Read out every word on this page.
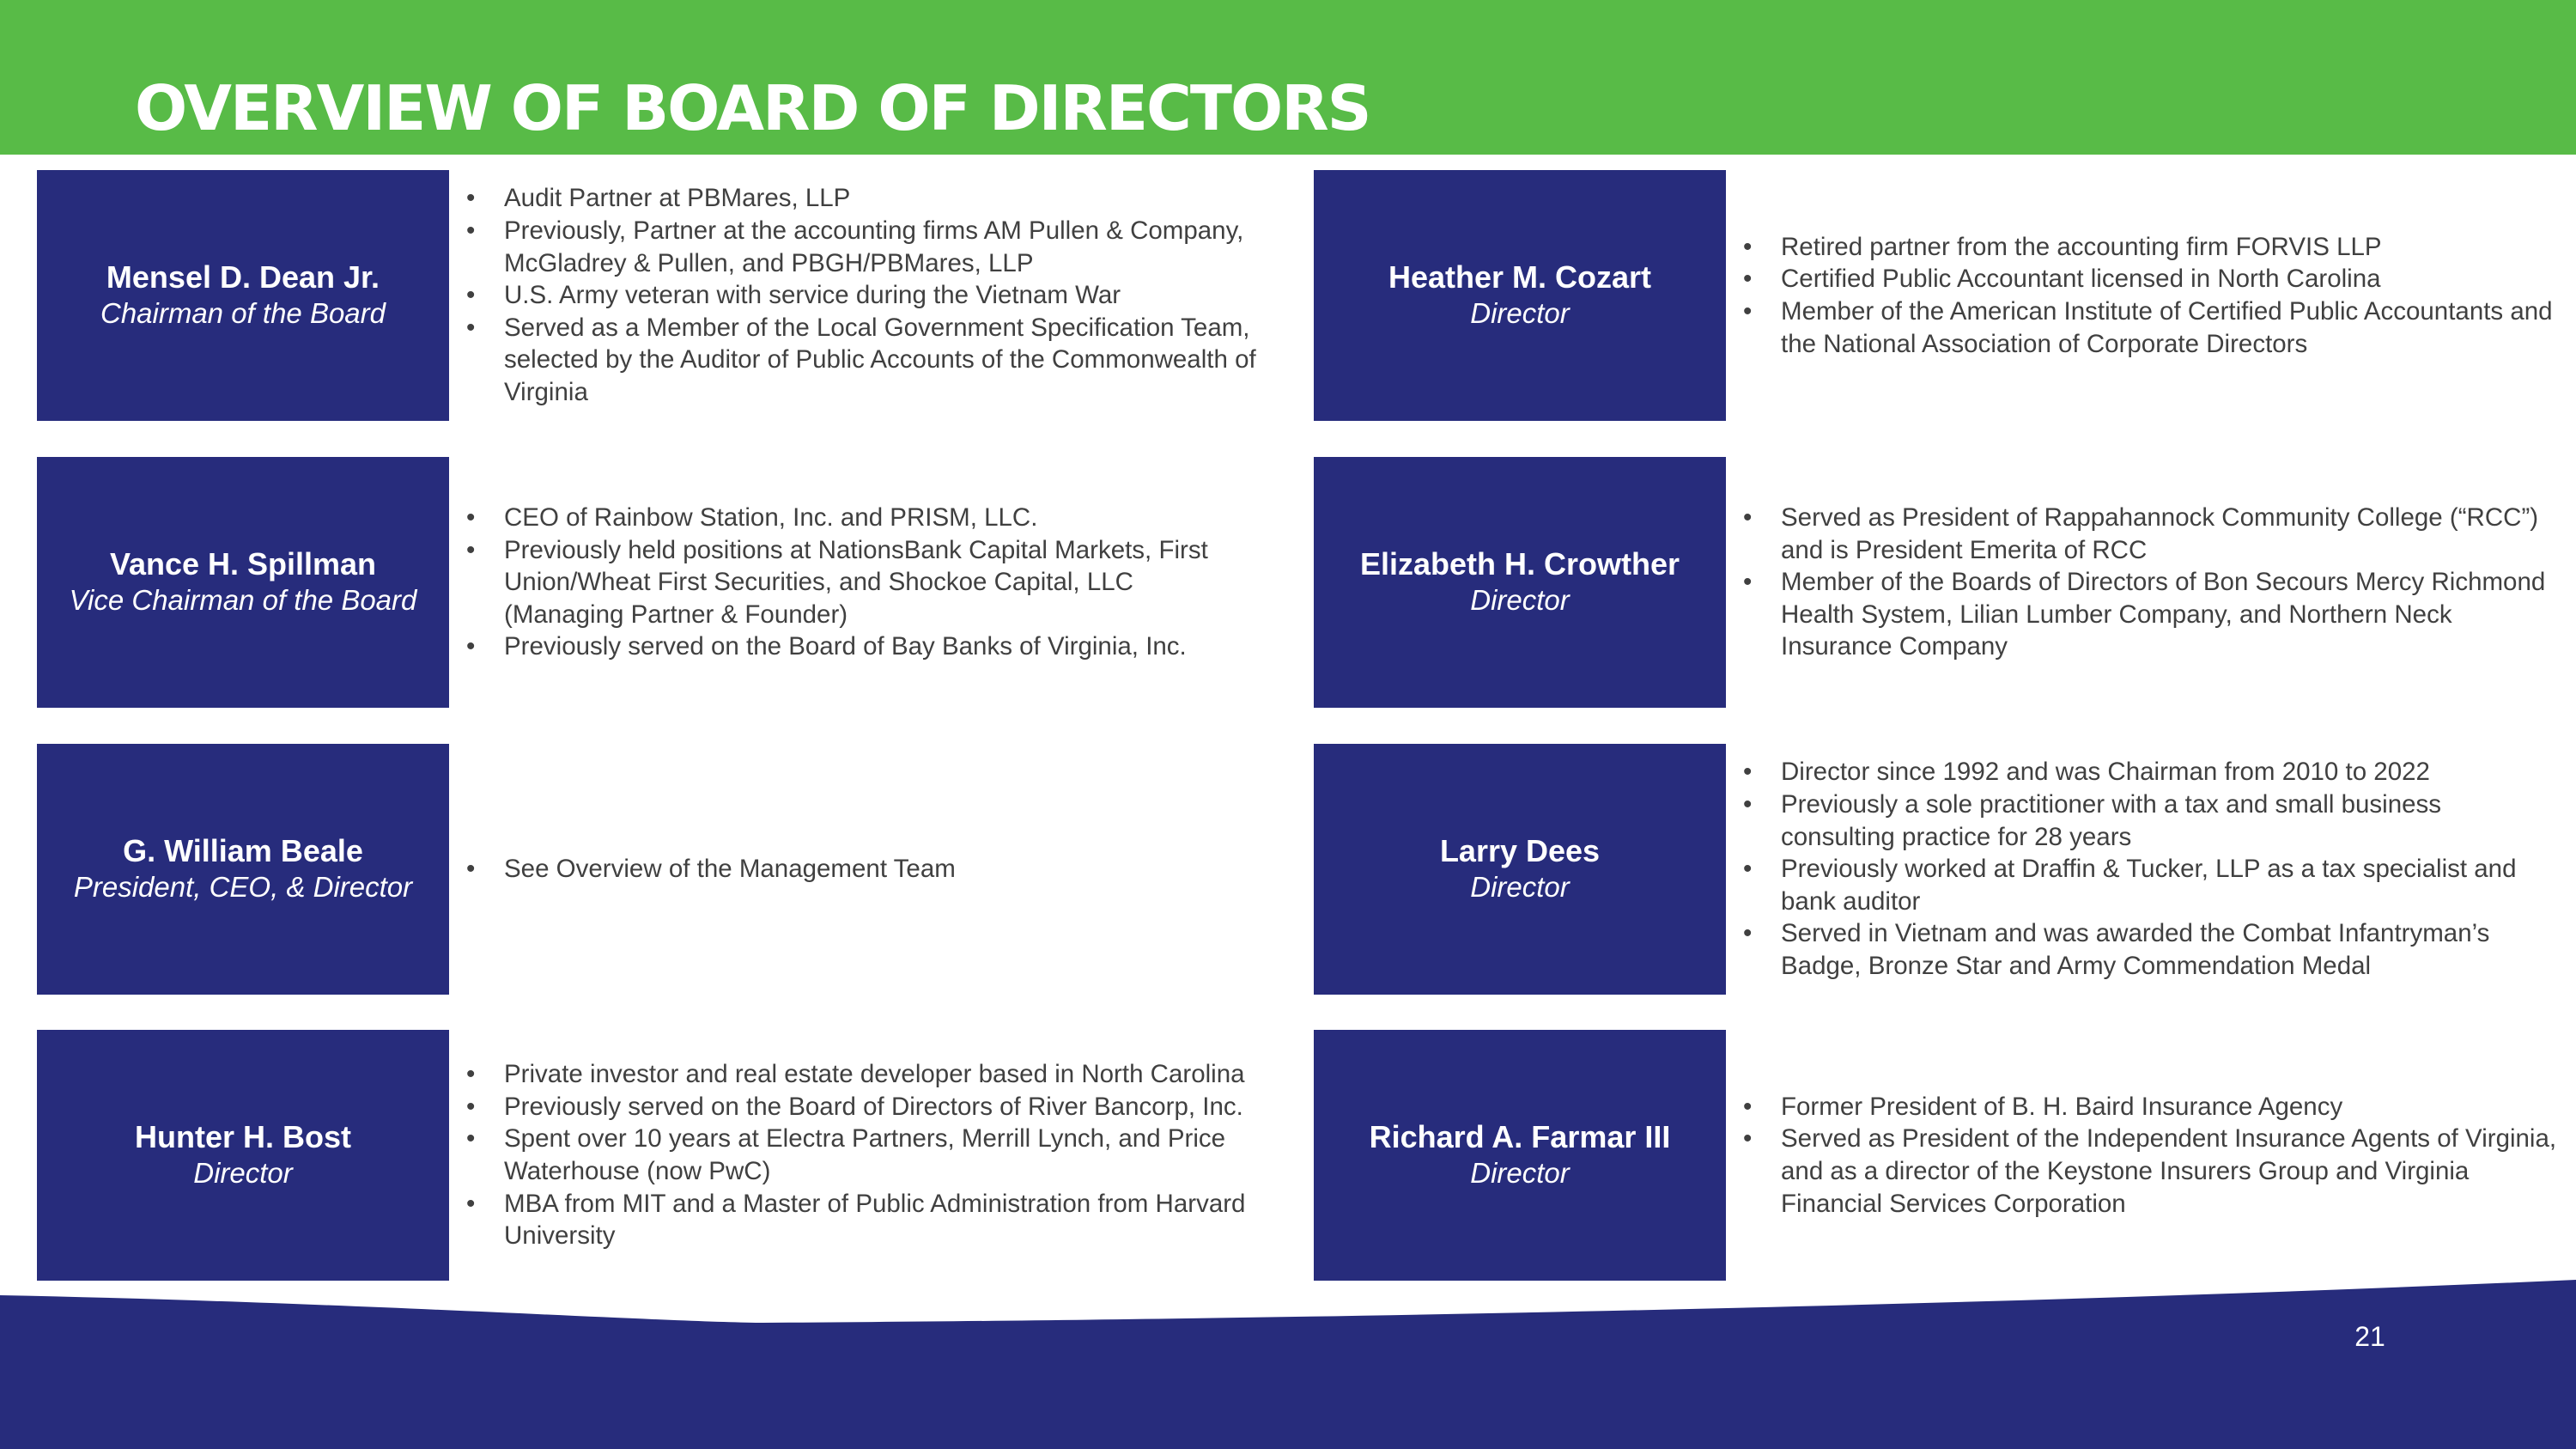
OVERVIEW OF BOARD OF DIRECTORS
Mensel D. Dean Jr.
Chairman of the Board
• Audit Partner at PBMares, LLP
• Previously, Partner at the accounting firms AM Pullen & Company, McGladrey & Pullen, and PBGH/PBMares, LLP
• U.S. Army veteran with service during the Vietnam War
• Served as a Member of the Local Government Specification Team, selected by the Auditor of Public Accounts of the Commonwealth of Virginia
Heather M. Cozart
Director
• Retired partner from the accounting firm FORVIS LLP
• Certified Public Accountant licensed in North Carolina
• Member of the American Institute of Certified Public Accountants and the National Association of Corporate Directors
Vance H. Spillman
Vice Chairman of the Board
• CEO of Rainbow Station, Inc. and PRISM, LLC.
• Previously held positions at NationsBank Capital Markets, First Union/Wheat First Securities, and Shockoe Capital, LLC (Managing Partner & Founder)
• Previously served on the Board of Bay Banks of Virginia, Inc.
Elizabeth H. Crowther
Director
• Served as President of Rappahannock Community College (“RCC”) and is President Emerita of RCC
• Member of the Boards of Directors of Bon Secours Mercy Richmond Health System, Lilian Lumber Company, and Northern Neck Insurance Company
G. William Beale
President, CEO, & Director
• See Overview of the Management Team
Larry Dees
Director
• Director since 1992 and was Chairman from 2010 to 2022
• Previously a sole practitioner with a tax and small business consulting practice for 28 years
• Previously worked at Draffin & Tucker, LLP as a tax specialist and bank auditor
• Served in Vietnam and was awarded the Combat Infantryman’s Badge, Bronze Star and Army Commendation Medal
Hunter H. Bost
Director
• Private investor and real estate developer based in North Carolina
• Previously served on the Board of Directors of River Bancorp, Inc.
• Spent over 10 years at Electra Partners, Merrill Lynch, and Price Waterhouse (now PwC)
• MBA from MIT and a Master of Public Administration from Harvard University
Richard A. Farmar III
Director
• Former President of B. H. Baird Insurance Agency
• Served as President of the Independent Insurance Agents of Virginia, and as a director of the Keystone Insurers Group and Virginia Financial Services Corporation
21
